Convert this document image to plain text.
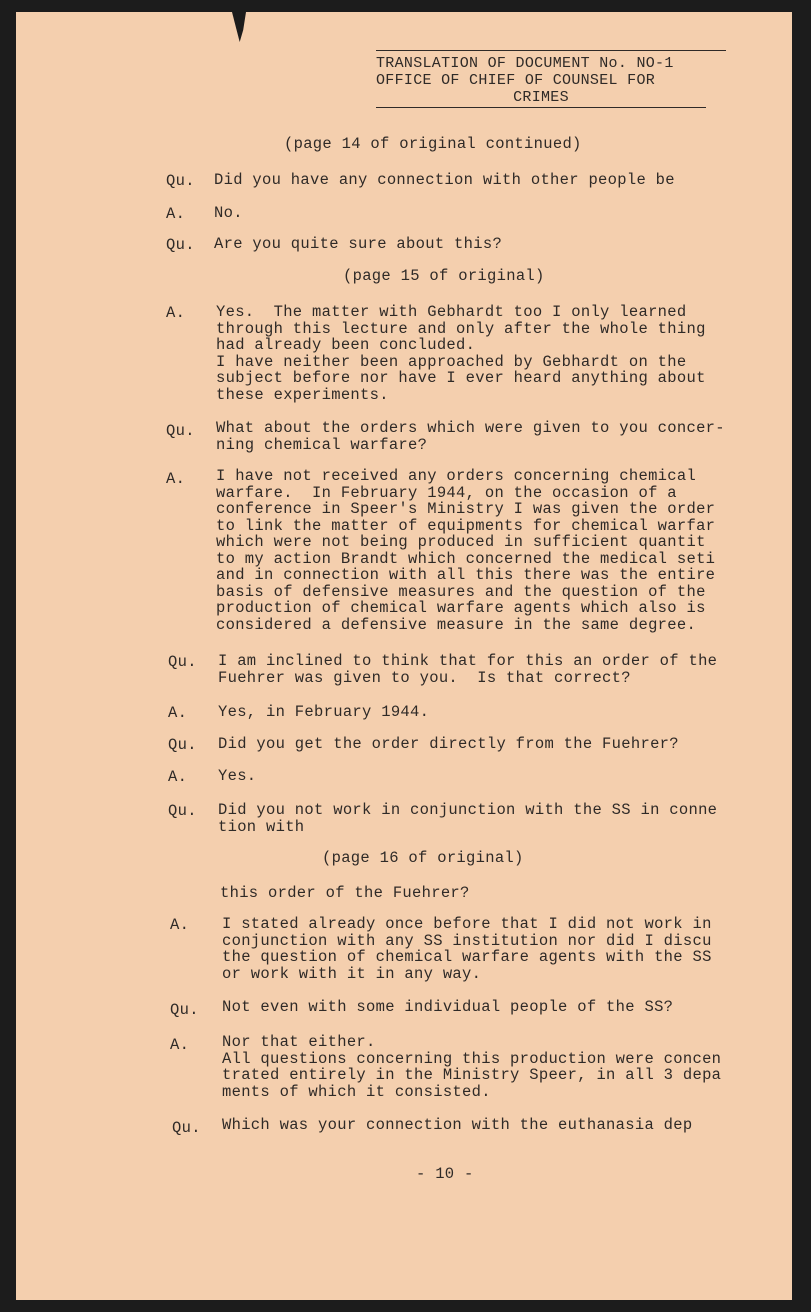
TRANSLATION OF DOCUMENT No. NO-1
OFFICE OF CHIEF OF COUNSEL FOR
CRIMES
(page 14 of original continued)
Qu. Did you have any connection with other people be
A. No.
Qu. Are you quite sure about this?
(page 15 of original)
A. Yes.  The matter with Gebhardt too I only learned
through this lecture and only after the whole thing
had already been concluded.
I have neither been approached by Gebhardt on the
subject before nor have I ever heard anything about
these experiments.
Qu. What about the orders which were given to you concer-
ning chemical warfare?
A. I have not received any orders concerning chemical
warfare.  In February 1944, on the occasion of a
conference in Speer's Ministry I was given the order
to link the matter of equipments for chemical warfar
which were not being produced in sufficient quantit
to my action Brandt which concerned the medical seti
and in connection with all this there was the entire
basis of defensive measures and the question of the
production of chemical warfare agents which also is
considered a defensive measure in the same degree.
Qu. I am inclined to think that for this an order of the
Fuehrer was given to you.  Is that correct?
A. Yes, in February 1944.
Qu. Did you get the order directly from the Fuehrer?
A. Yes.
Qu. Did you not work in conjunction with the SS in conne
tion with
(page 16 of original)
this order of the Fuehrer?
A. I stated already once before that I did not work in
conjunction with any SS institution nor did I discu
the question of chemical warfare agents with the SS
or work with it in any way.
Qu. Not even with some individual people of the SS?
A. Nor that either.
All questions concerning this production were concen
trated entirely in the Ministry Speer, in all 3 depa
ments of which it consisted.
Qu. Which was your connection with the euthanasia dep
- 10 -
